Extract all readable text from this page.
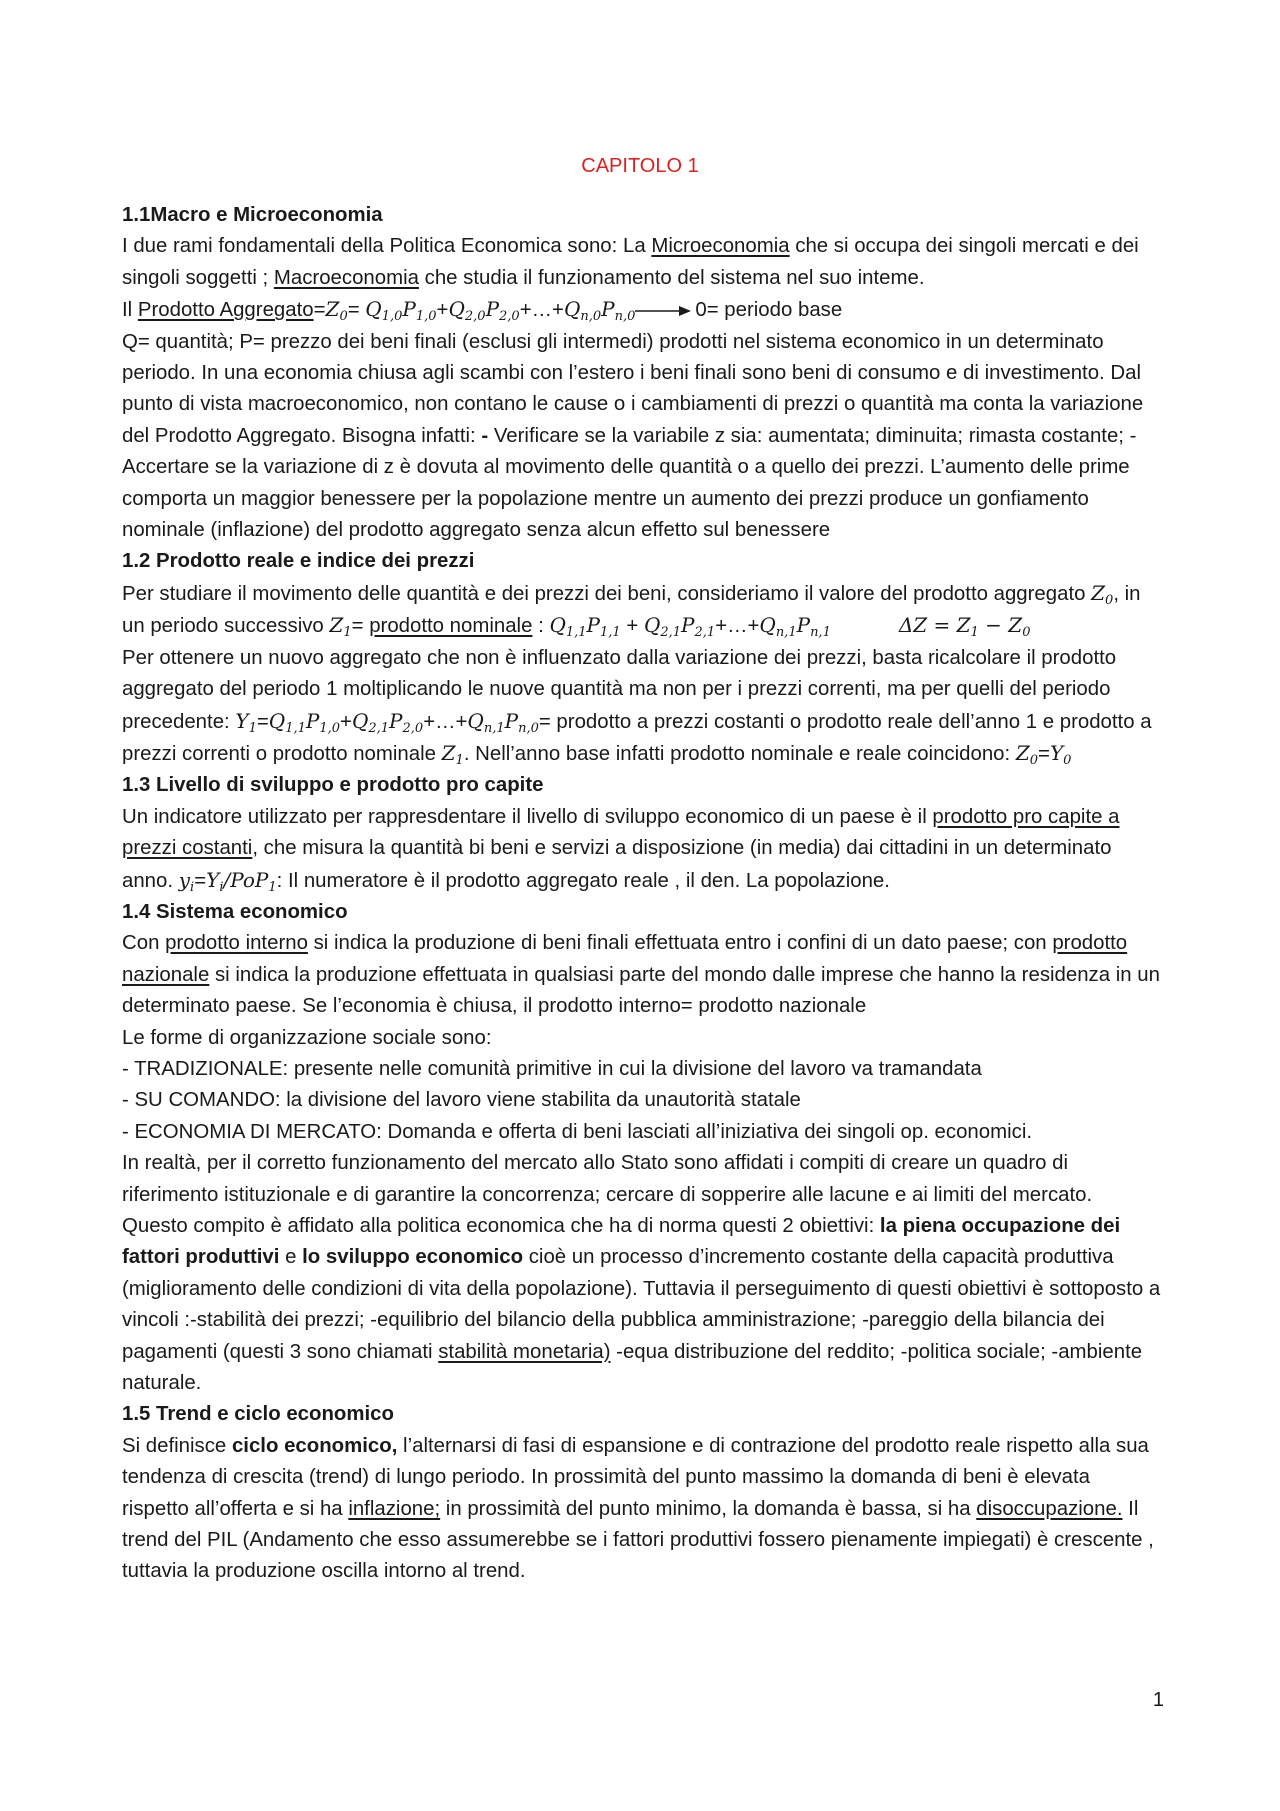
CAPITOLO 1

1.1Macro e Microeconomia

I due rami fondamentali della Politica Economica sono: La Microeconomia che si occupa dei singoli mercati e dei singoli soggetti ; Macroeconomia che studia il funzionamento del sistema nel suo inteme.

Il Prodotto $Aggregato=Z_0=$ $Q_{1,0}P_{1,0}+Q_{2,0}P_{2,0}+\dots+Q_{n,0}P_{n,0}$	0= periodo base

Q= quantità; P= prezzo dei beni finali (esclusi gli intermedi) prodotti nel sistema economico in un determinato periodo. In una economia chiusa agli scambi con l’estero i beni finali sono beni di consumo e di investimento. Dal punto di vista macroeconomico, non contano le cause o i cambiamenti di prezzi o quantità ma conta la variazione del Prodotto Aggregato. Bisogna infatti: - Verificare se la variabile z sia: aumentata; diminuita; rimasta costante; -Accertare se la variazione di z è dovuta al movimento delle quantità o a quello dei prezzi. L’aumento delle prime comporta un maggior benessere per la popolazione mentre un aumento dei prezzi produce un gonfiamento nominale (inflazione) del prodotto aggregato senza alcun effetto sul benessere

1.2 Prodotto reale e indice dei prezzi

Per studiare il movimento delle quantità e dei prezzi dei beni, consideriamo il valore del prodotto aggregato $Z_0$, in un periodo successivo $Z_1=$ prodotto nominale : $Q_{1,1}P_{1,1}$ + $Q_{2,1}P_{2,1}+\dots+Q_{n,1}P_{n,1}$	$\Delta Z = Z_1 - Z_0$

Per ottenere un nuovo aggregato che non è influenzato dalla variazione dei prezzi, basta ricalcolare il prodotto aggregato del periodo 1 moltiplicando le nuove quantità ma non per i prezzi correnti, ma per quelli del periodo precedente: $Y_1=Q_{1,1}P_{1,0}+Q_{2,1}P_{2,0}+\dots+Q_{n,1}P_{n,0}=$ prodotto a prezzi costanti o prodotto reale dell’anno 1 e prodotto a prezzi correnti o prodotto nominale $Z_1$. Nell’anno base infatti prodotto nominale e reale coincidono: $Z_0=Y_0$

1.3 Livello di sviluppo e prodotto pro capite

Un indicatore utilizzato per rappresdentare il livello di sviluppo economico di un paese è il prodotto pro capite a prezzi costanti, che misura la quantità bi beni e servizi a disposizione (in media) dai cittadini in un determinato anno. $y_i=Y_i/PoP_1$: Il numeratore è il prodotto aggregato reale , il den. La popolazione.

1.4 Sistema economico

Con prodotto interno si indica la produzione di beni finali effettuata entro i confini di un dato paese; con prodotto nazionale si indica la produzione effettuata in qualsiasi parte del mondo dalle imprese che hanno la residenza in un determinato paese. Se l’economia è chiusa, il prodotto interno= prodotto nazionale

Le forme di organizzazione sociale sono:

- TRADIZIONALE: presente nelle comunità primitive in cui la divisione del lavoro va tramandata

- SU COMANDO: la divisione del lavoro viene stabilita da unautorità statale

- ECONOMIA DI MERCATO: Domanda e offerta di beni lasciati all’iniziativa dei singoli op. economici.

In realtà, per il corretto funzionamento del mercato allo Stato sono affidati i compiti di creare un quadro di riferimento istituzionale e di garantire la concorrenza; cercare di sopperire alle lacune e ai limiti del mercato. Questo compito è affidato alla politica economica che ha di norma questi 2 obiettivi: la piena occupazione dei fattori produttivi e lo sviluppo economico cioè un processo d’incremento costante della capacità produttiva (miglioramento delle condizioni di vita della popolazione). Tuttavia il perseguimento di questi obiettivi è sottoposto a vincoli :-stabilità dei prezzi; -equilibrio del bilancio della pubblica amministrazione; -pareggio della bilancia dei pagamenti (questi 3 sono chiamati stabilità monetaria) -equa distribuzione del reddito; -politica sociale; -ambiente naturale.

1.5 Trend e ciclo economico

Si definisce ciclo economico, l’alternarsi di fasi di espansione e di contrazione del prodotto reale rispetto alla sua tendenza di crescita (trend) di lungo periodo. In prossimità del punto massimo la domanda di beni è elevata rispetto all’offerta e si ha inflazione; in prossimità del punto minimo, la domanda è bassa, si ha disoccupazione. Il trend del PIL (Andamento che esso assumerebbe se i fattori produttivi fossero pienamente impiegati) è crescente , tuttavia la produzione oscilla intorno al trend.

1
